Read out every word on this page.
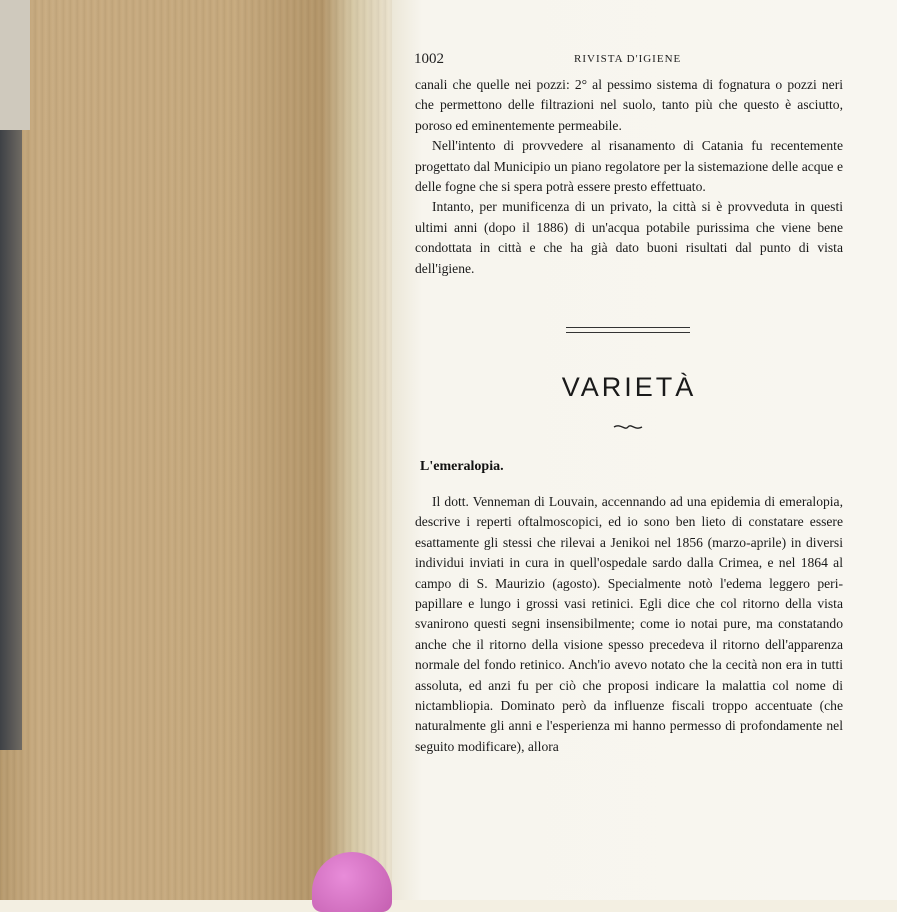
1002	RIVISTA D'IGIENE

canali che quelle nei pozzi: 2° al pessimo sistema di fognatura o pozzi neri che permettono delle filtrazioni nel suolo, tanto più che questo è asciutto, poroso ed eminentemente permeabile.

Nell'intento di provvedere al risanamento di Catania fu recentemente progettato dal Municipio un piano regolatore per la sistemazione delle acque e delle fogne che si spera potrà essere presto effettuato.

Intanto, per munificenza di un privato, la città si è provveduta in questi ultimi anni (dopo il 1886) di un'acqua potabile purissima che viene bene condottata in città e che ha già dato buoni risultati dal punto di vista dell'igiene.

VARIETÀ
L'emeralopia.

Il dott. Venneman di Louvain, accennando ad una epidemia di emeralopia, descrive i reperti oftalmoscopici, ed io sono ben lieto di constatare essere esattamente gli stessi che rilevai a Jenikoi nel 1856 (marzo-aprile) in diversi individui inviati in cura in quell'ospedale sardo dalla Crimea, e nel 1864 al campo di S. Maurizio (agosto). Specialmente notò l'edema leggero peri-papillare e lungo i grossi vasi retinici. Egli dice che col ritorno della vista svanirono questi segni insensibilmente; come io notai pure, ma constatando anche che il ritorno della visione spesso precedeva il ritorno dell'apparenza normale del fondo retinico. Anch'io avevo notato che la cecità non era in tutti assoluta, ed anzi fu per ciò che proposi indicare la malattia col nome di nictambliopia. Dominato però da influenze fiscali troppo accentuate (che naturalmente gli anni e l'esperienza mi hanno permesso di profondamente nel seguito modificare), allora
